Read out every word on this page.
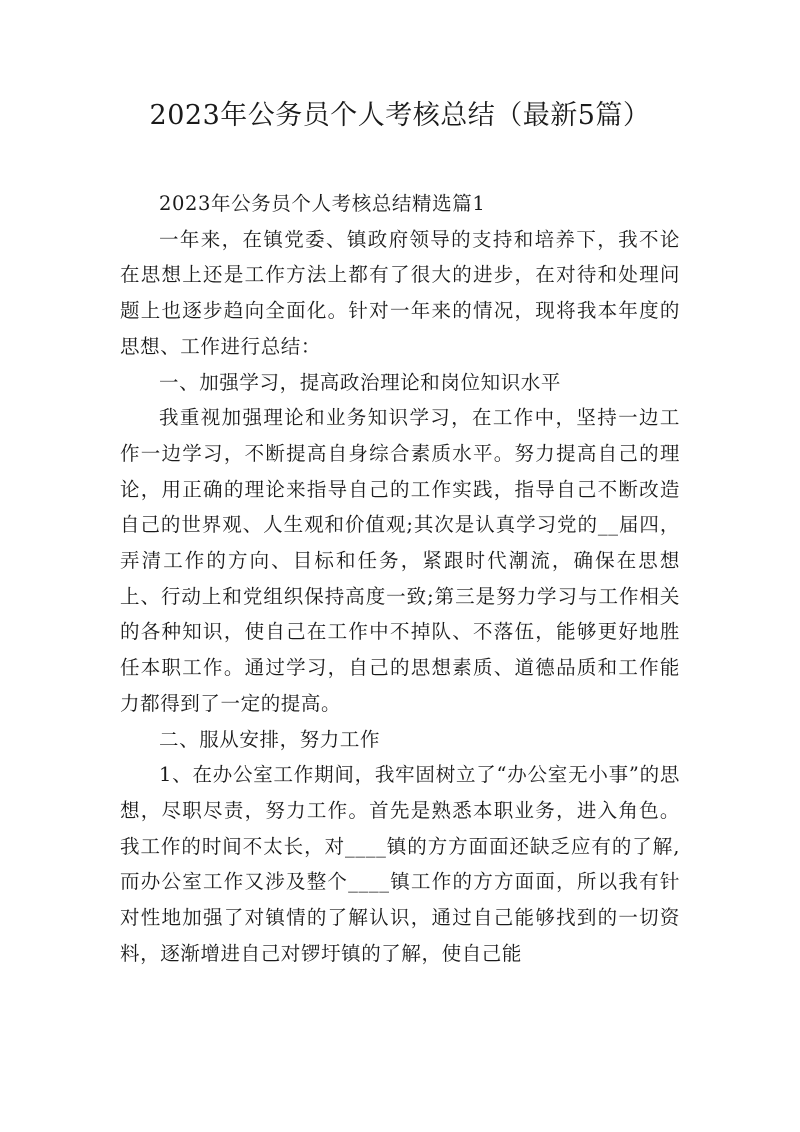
2023年公务员个人考核总结（最新5篇）

2023年公务员个人考核总结精选篇1

一年来，在镇党委、镇政府领导的支持和培养下，我不论在思想上还是工作方法上都有了很大的进步，在对待和处理问题上也逐步趋向全面化。针对一年来的情况，现将我本年度的思想、工作进行总结：

一、加强学习，提高政治理论和岗位知识水平

我重视加强理论和业务知识学习，在工作中，坚持一边工作一边学习，不断提高自身综合素质水平。努力提高自己的理论，用正确的理论来指导自己的工作实践，指导自己不断改造自己的世界观、人生观和价值观;其次是认真学习党的__届四，弄清工作的方向、目标和任务，紧跟时代潮流，确保在思想上、行动上和党组织保持高度一致;第三是努力学习与工作相关的各种知识，使自己在工作中不掉队、不落伍，能够更好地胜任本职工作。通过学习，自己的思想素质、道德品质和工作能力都得到了一定的提高。

二、服从安排，努力工作

1、在办公室工作期间，我牢固树立了“办公室无小事”的思想，尽职尽责，努力工作。首先是熟悉本职业务，进入角色。我工作的时间不太长，对____镇的方方面面还缺乏应有的了解,而办公室工作又涉及整个____镇工作的方方面面，所以我有针对性地加强了对镇情的了解认识，通过自己能够找到的一切资料，逐渐增进自己对锣圩镇的了解，使自己能
